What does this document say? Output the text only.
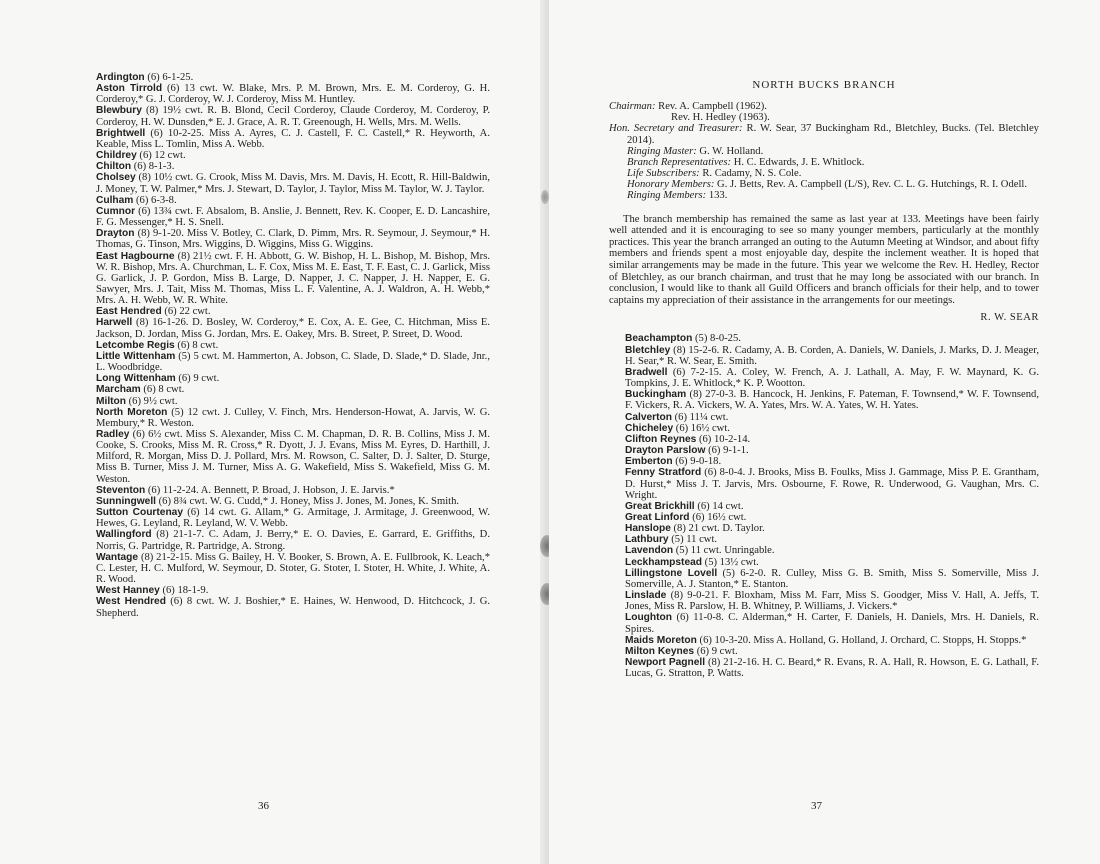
Ardington (6) 6-1-25.

Aston Tirrold (6) 13 cwt. W. Blake, Mrs. P. M. Brown, Mrs. E. M. Corderoy, G. H. Corderoy,* G. J. Corderoy, W. J. Corderoy, Miss M. Huntley.

Blewbury (8) 19½ cwt. R. B. Blond, Cecil Corderoy, Claude Corderoy, M. Corderoy, P. Corderoy, H. W. Dunsden,* E. J. Grace, A. R. T. Greenough, H. Wells, Mrs. M. Wells.

Brightwell (6) 10-2-25. Miss A. Ayres, C. J. Castell, F. C. Castell,* R. Heyworth, A. Keable, Miss L. Tomlin, Miss A. Webb.

Childrey (6) 12 cwt.

Chilton (6) 8-1-3.

Cholsey (8) 10½ cwt. G. Crook, Miss M. Davis, Mrs. M. Davis, H. Ecott, R. Hill-Baldwin, J. Money, T. W. Palmer,* Mrs. J. Stewart, D. Taylor, J. Taylor, Miss M. Taylor, W. J. Taylor.

Culham (6) 6-3-8.

Cumnor (6) 13¾ cwt. F. Absalom, B. Anslie, J. Bennett, Rev. K. Cooper, E. D. Lancashire, F. G. Messenger,* H. S. Snell.

Drayton (8) 9-1-20. Miss V. Botley, C. Clark, D. Pimm, Mrs. R. Seymour, J. Seymour,* H. Thomas, G. Tinson, Mrs. Wiggins, D. Wiggins, Miss G. Wiggins.

East Hagbourne (8) 21½ cwt. F. H. Abbott, G. W. Bishop, H. L. Bishop, M. Bishop, Mrs. W. R. Bishop, Mrs. A. Churchman, L. F. Cox, Miss M. E. East, T. F. East, C. J. Garlick, Miss G. Garlick, J. P. Gordon, Miss B. Large, D. Napper, J. C. Napper, J. H. Napper, E. G. Sawyer, Mrs. J. Tait, Miss M. Thomas, Miss L. F. Valentine, A. J. Waldron, A. H. Webb,* Mrs. A. H. Webb, W. R. White.

East Hendred (6) 22 cwt.

Harwell (8) 16-1-26. D. Bosley, W. Corderoy,* E. Cox, A. E. Gee, C. Hitchman, Miss E. Jackson, D. Jordan, Miss G. Jordan, Mrs. E. Oakey, Mrs. B. Street, P. Street, D. Wood.

Letcombe Regis (6) 8 cwt.

Little Wittenham (5) 5 cwt. M. Hammerton, A. Jobson, C. Slade, D. Slade,* D. Slade, Jnr., L. Woodbridge.

Long Wittenham (6) 9 cwt.

Marcham (6) 8 cwt.

Milton (6) 9½ cwt.

North Moreton (5) 12 cwt. J. Culley, V. Finch, Mrs. Henderson-Howat, A. Jarvis, W. G. Membury,* R. Weston.

Radley (6) 6½ cwt. Miss S. Alexander, Miss C. M. Chapman, D. R. B. Collins, Miss J. M. Cooke, S. Crooks, Miss M. R. Cross,* R. Dyott, J. J. Evans, Miss M. Eyres, D. Harthill, J. Milford, R. Morgan, Miss D. J. Pollard, Mrs. M. Rowson, C. Salter, D. J. Salter, D. Sturge, Miss B. Turner, Miss J. M. Turner, Miss A. G. Wakefield, Miss S. Wakefield, Miss G. M. Weston.

Steventon (6) 11-2-24. A. Bennett, P. Broad, J. Hobson, J. E. Jarvis.*

Sunningwell (6) 8¾ cwt. W. G. Cudd,* J. Honey, Miss J. Jones, M. Jones, K. Smith.

Sutton Courtenay (6) 14 cwt. G. Allam,* G. Armitage, J. Armitage, J. Greenwood, W. Hewes, G. Leyland, R. Leyland, W. V. Webb.

Wallingford (8) 21-1-7. C. Adam, J. Berry,* E. O. Davies, E. Garrard, E. Griffiths, D. Norris, G. Partridge, R. Partridge, A. Strong.

Wantage (8) 21-2-15. Miss G. Bailey, H. V. Booker, S. Brown, A. E. Fullbrook, K. Leach,* C. Lester, H. C. Mulford, W. Seymour, D. Stoter, G. Stoter, I. Stoter, H. White, J. White, A. R. Wood.

West Hanney (6) 18-1-9.

West Hendred (6) 8 cwt. W. J. Boshier,* E. Haines, W. Henwood, D. Hitchcock, J. G. Shepherd.

36

NORTH BUCKS BRANCH

Chairman: Rev. A. Campbell (1962).

Rev. H. Hedley (1963).

Hon. Secretary and Treasurer: R. W. Sear, 37 Buckingham Rd., Bletchley, Bucks. (Tel. Bletchley 2014).

Ringing Master: G. W. Holland.

Branch Representatives: H. C. Edwards, J. E. Whitlock.

Life Subscribers: R. Cadamy, N. S. Cole.

Honorary Members: G. J. Betts, Rev. A. Campbell (L/S), Rev. C. L. G. Hutchings, R. I. Odell.

Ringing Members: 133.

The branch membership has remained the same as last year at 133. Meetings have been fairly well attended and it is encouraging to see so many younger members, particularly at the monthly practices. This year the branch arranged an outing to the Autumn Meeting at Windsor, and about fifty members and friends spent a most enjoyable day, despite the inclement weather. It is hoped that similar arrangements may be made in the future. This year we welcome the Rev. H. Hedley, Rector of Bletchley, as our branch chairman, and trust that he may long be associated with our branch. In conclusion, I would like to thank all Guild Officers and branch officials for their help, and to tower captains my appreciation of their assistance in the arrangements for our meetings.

R. W. SEAR

Beachampton (5) 8-0-25.

Bletchley (8) 15-2-6. R. Cadamy, A. B. Corden, A. Daniels, W. Daniels, J. Marks, D. J. Meager, H. Sear,* R. W. Sear, E. Smith.

Bradwell (6) 7-2-15. A. Coley, W. French, A. J. Lathall, A. May, F. W. Maynard, K. G. Tompkins, J. E. Whitlock,* K. P. Wootton.

Buckingham (8) 27-0-3. B. Hancock, H. Jenkins, F. Pateman, F. Townsend,* W. F. Townsend, F. Vickers, R. A. Vickers, W. A. Yates, Mrs. W. A. Yates, W. H. Yates.

Calverton (6) 11¼ cwt.

Chicheley (6) 16½ cwt.

Clifton Reynes (6) 10-2-14.

Drayton Parslow (6) 9-1-1.

Emberton (6) 9-0-18.

Fenny Stratford (6) 8-0-4. J. Brooks, Miss B. Foulks, Miss J. Gammage, Miss P. E. Grantham, D. Hurst,* Miss J. T. Jarvis, Mrs. Osbourne, F. Rowe, R. Underwood, G. Vaughan, Mrs. C. Wright.

Great Brickhill (6) 14 cwt.

Great Linford (6) 16½ cwt.

Hanslope (8) 21 cwt. D. Taylor.

Lathbury (5) 11 cwt.

Lavendon (5) 11 cwt. Unringable.

Leckhampstead (5) 13½ cwt.

Lillingstone Lovell (5) 6-2-0. R. Culley, Miss G. B. Smith, Miss S. Somerville, Miss J. Somerville, A. J. Stanton,* E. Stanton.

Linslade (8) 9-0-21. F. Bloxham, Miss M. Farr, Miss S. Goodger, Miss V. Hall, A. Jeffs, T. Jones, Miss R. Parslow, H. B. Whitney, P. Williams, J. Vickers.*

Loughton (6) 11-0-8. C. Alderman,* H. Carter, F. Daniels, H. Daniels, Mrs. H. Daniels, R. Spires.

Maids Moreton (6) 10-3-20. Miss A. Holland, G. Holland, J. Orchard, C. Stopps, H. Stopps.*

Milton Keynes (6) 9 cwt.

Newport Pagnell (8) 21-2-16. H. C. Beard,* R. Evans, R. A. Hall, R. Howson, E. G. Lathall, F. Lucas, G. Stratton, P. Watts.

37
